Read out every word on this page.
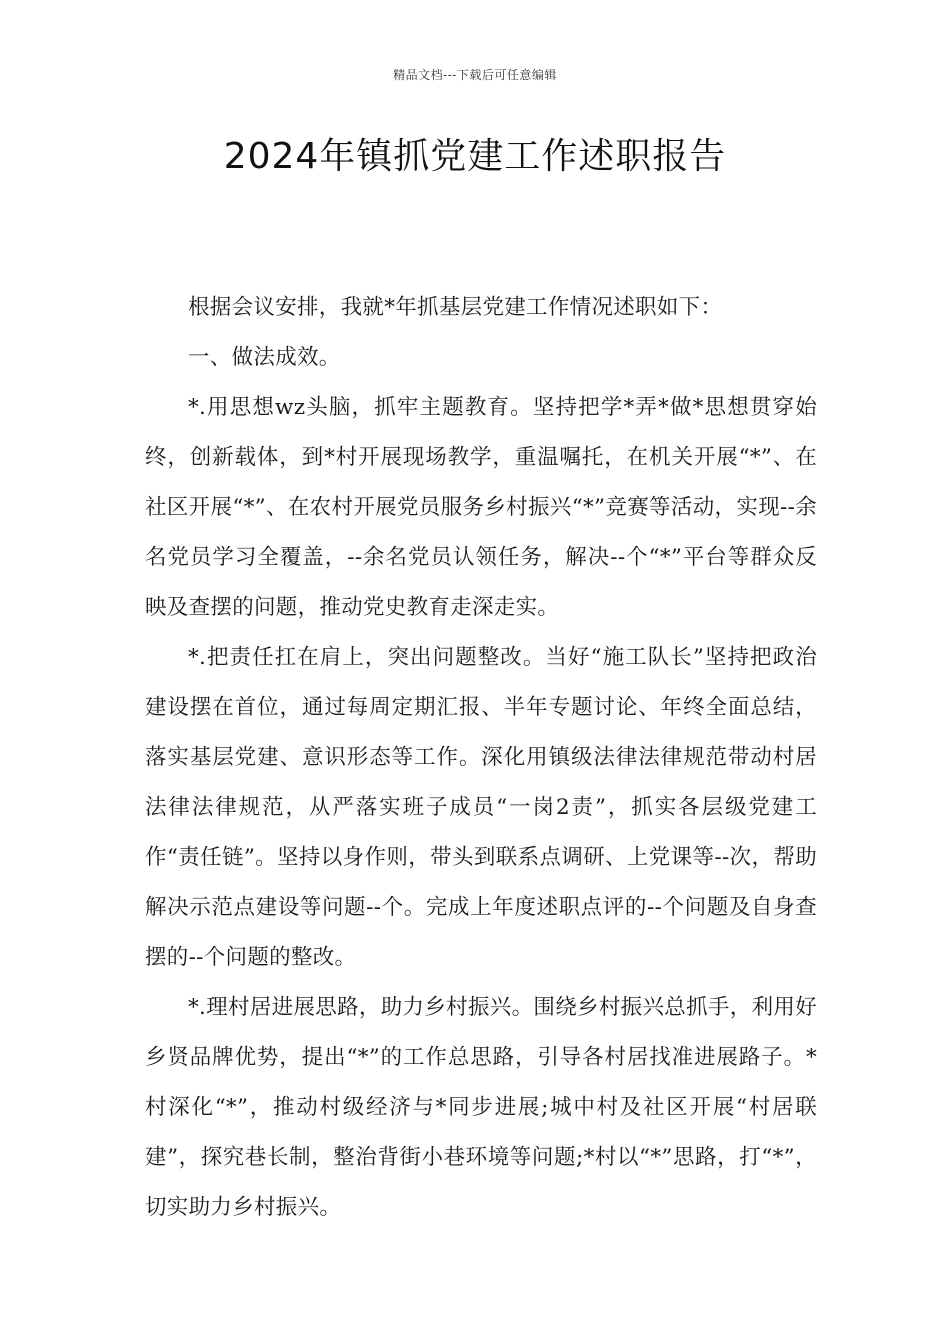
精品文档---下载后可任意编辑
2024年镇抓党建工作述职报告

根据会议安排，我就*年抓基层党建工作情况述职如下：

一、做法成效。

*.用思想wz头脑，抓牢主题教育。坚持把学*弄*做*思想贯穿始终，创新载体，到*村开展现场教学，重温嘱托，在机关开展“*”、在社区开展“*”、在农村开展党员服务乡村振兴“*”竞赛等活动，实现--余名党员学习全覆盖，--余名党员认领任务，解决--个“*”平台等群众反映及查摆的问题，推动党史教育走深走实。

*.把责任扛在肩上，突出问题整改。当好“施工队长”坚持把政治建设摆在首位，通过每周定期汇报、半年专题讨论、年终全面总结，落实基层党建、意识形态等工作。深化用镇级法律法律规范带动村居法律法律规范，从严落实班子成员“一岗2责”，抓实各层级党建工作“责任链”。坚持以身作则，带头到联系点调研、上党课等--次，帮助解决示范点建设等问题--个。完成上年度述职点评的--个问题及自身查摆的--个问题的整改。

*.理村居进展思路，助力乡村振兴。围绕乡村振兴总抓手，利用好乡贤品牌优势，提出“*”的工作总思路，引导各村居找准进展路子。*村深化“*”，推动村级经济与*同步进展;城中村及社区开展“村居联建”，探究巷长制，整治背街小巷环境等问题;*村以“*”思路，打“*”，切实助力乡村振兴。
